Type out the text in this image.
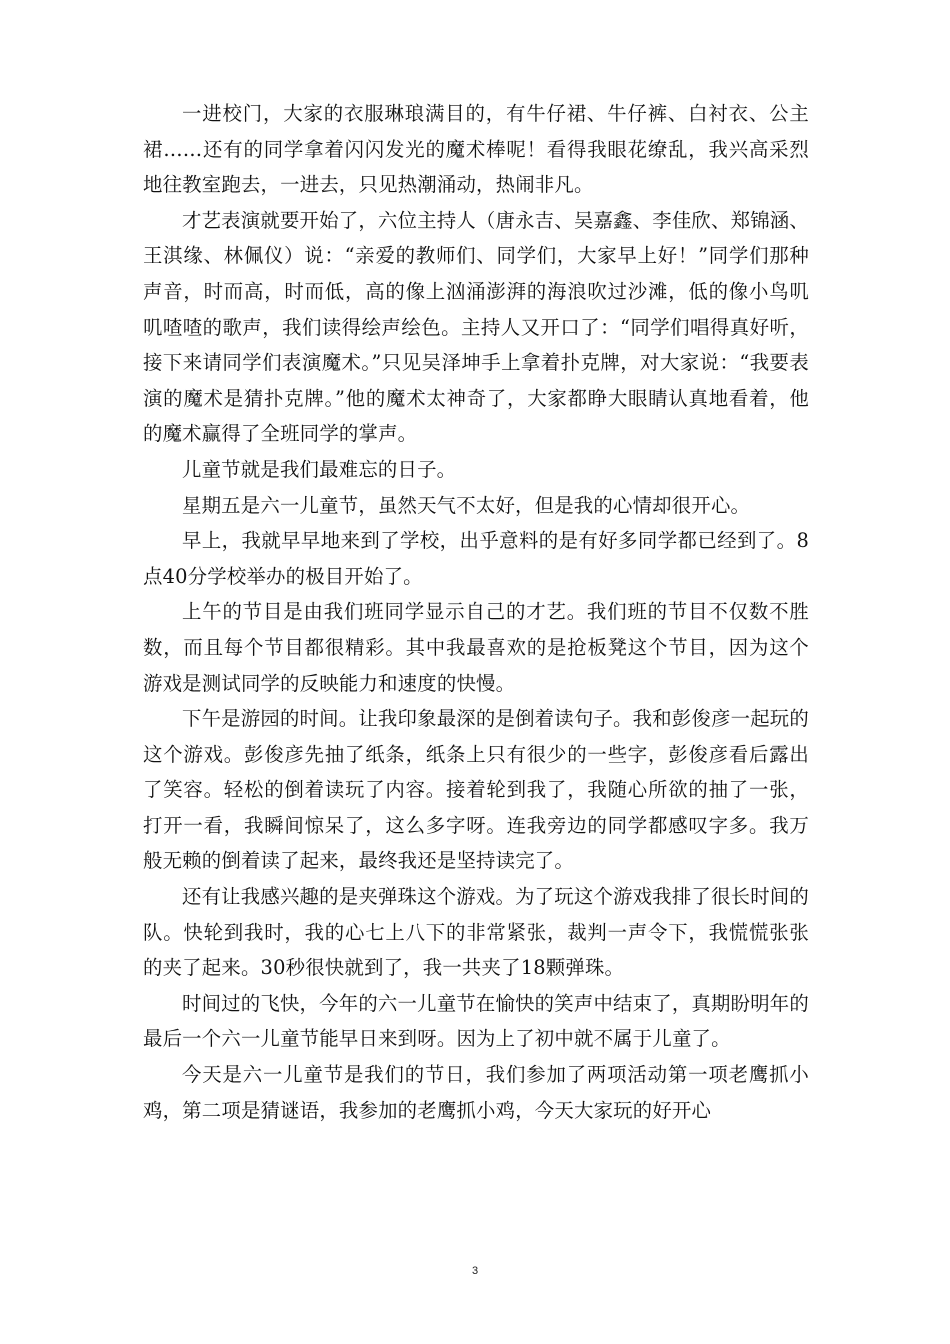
一进校门，大家的衣服琳琅满目的，有牛仔裙、牛仔裤、白衬衣、公主裙……还有的同学拿着闪闪发光的魔术棒呢！看得我眼花缭乱，我兴高采烈地往教室跑去，一进去，只见热潮涌动，热闹非凡。

才艺表演就要开始了，六位主持人（唐永吉、吴嘉鑫、李佳欣、郑锦涵、王淇缘、林佩仪）说：“亲爱的教师们、同学们，大家早上好！”同学们那种声音，时而高，时而低，高的像上汹涌澎湃的海浪吹过沙滩，低的像小鸟叽叽喳喳的歌声，我们读得绘声绘色。主持人又开口了：“同学们唱得真好听，接下来请同学们表演魔术。”只见吴泽坤手上拿着扑克牌，对大家说：“我要表演的魔术是猜扑克牌。”他的魔术太神奇了，大家都睁大眼睛认真地看着，他的魔术赢得了全班同学的掌声。

儿童节就是我们最难忘的日子。

星期五是六一儿童节，虽然天气不太好，但是我的心情却很开心。

早上，我就早早地来到了学校，出乎意料的是有好多同学都已经到了。8点40分学校举办的极目开始了。

上午的节目是由我们班同学显示自己的才艺。我们班的节目不仅数不胜数，而且每个节目都很精彩。其中我最喜欢的是抢板凳这个节目，因为这个游戏是测试同学的反映能力和速度的快慢。

下午是游园的时间。让我印象最深的是倒着读句子。我和彭俊彦一起玩的这个游戏。彭俊彦先抽了纸条，纸条上只有很少的一些字，彭俊彦看后露出了笑容。轻松的倒着读玩了内容。接着轮到我了，我随心所欲的抽了一张，打开一看，我瞬间惊呆了，这么多字呀。连我旁边的同学都感叹字多。我万般无赖的倒着读了起来，最终我还是坚持读完了。

还有让我感兴趣的是夹弹珠这个游戏。为了玩这个游戏我排了很长时间的队。快轮到我时，我的心七上八下的非常紧张，裁判一声令下，我慌慌张张的夹了起来。30秒很快就到了，我一共夹了18颗弹珠。

时间过的飞快，今年的六一儿童节在愉快的笑声中结束了，真期盼明年的最后一个六一儿童节能早日来到呀。因为上了初中就不属于儿童了。

今天是六一儿童节是我们的节日，我们参加了两项活动第一项老鹰抓小鸡，第二项是猜谜语，我参加的老鹰抓小鸡，今天大家玩的好开心

3
